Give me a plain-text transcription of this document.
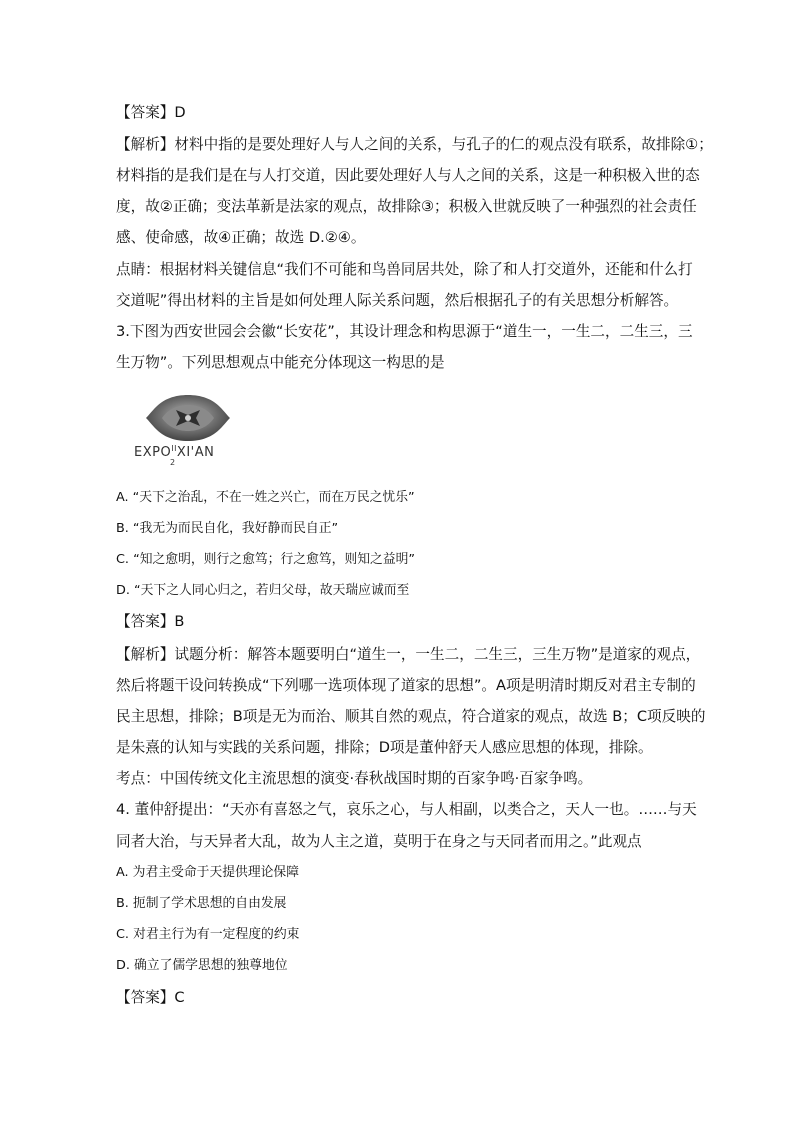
【答案】D
【解析】材料中指的是要处理好人与人之间的关系，与孔子的仁的观点没有联系，故排除①；
材料指的是我们是在与人打交道，因此要处理好人与人之间的关系，这是一种积极入世的态
度，故②正确；变法革新是法家的观点，故排除③；积极入世就反映了一种强烈的社会责任
感、使命感，故④正确；故选 D.②④。
点睛：根据材料关键信息“我们不可能和鸟兽同居共处，除了和人打交道外，还能和什么打
交道呢”得出材料的主旨是如何处理人际关系问题，然后根据孔子的有关思想分析解答。
3.下图为西安世园会会徽“长安花”，其设计理念和构思源于“道生一，一生二，二生三，三
生万物”。下列思想观点中能充分体现这一构思的是
$EXPO^{II}XI'AN$
2
A. “天下之治乱，不在一姓之兴亡，而在万民之忧乐”
B. “我无为而民自化，我好静而民自正”
C. “知之愈明，则行之愈笃；行之愈笃，则知之益明”
D. “天下之人同心归之，若归父母，故天瑞应诚而至
【答案】B
【解析】试题分析：解答本题要明白“道生一，一生二，二生三，三生万物”是道家的观点，
然后将题干设问转换成“下列哪一选项体现了道家的思想”。A项是明清时期反对君主专制的
民主思想，排除；B项是无为而治、顺其自然的观点，符合道家的观点，故选 B；C项反映的
是朱熹的认知与实践的关系问题，排除；D项是董仲舒天人感应思想的体现，排除。
考点：中国传统文化主流思想的演变·春秋战国时期的百家争鸣·百家争鸣。
4. 董仲舒提出：“天亦有喜怒之气，哀乐之心，与人相副，以类合之，天人一也。……与天
同者大治，与天异者大乱，故为人主之道，莫明于在身之与天同者而用之。”此观点
A. 为君主受命于天提供理论保障
B. 扼制了学术思想的自由发展
C. 对君主行为有一定程度的约束
D. 确立了儒学思想的独尊地位
【答案】C
